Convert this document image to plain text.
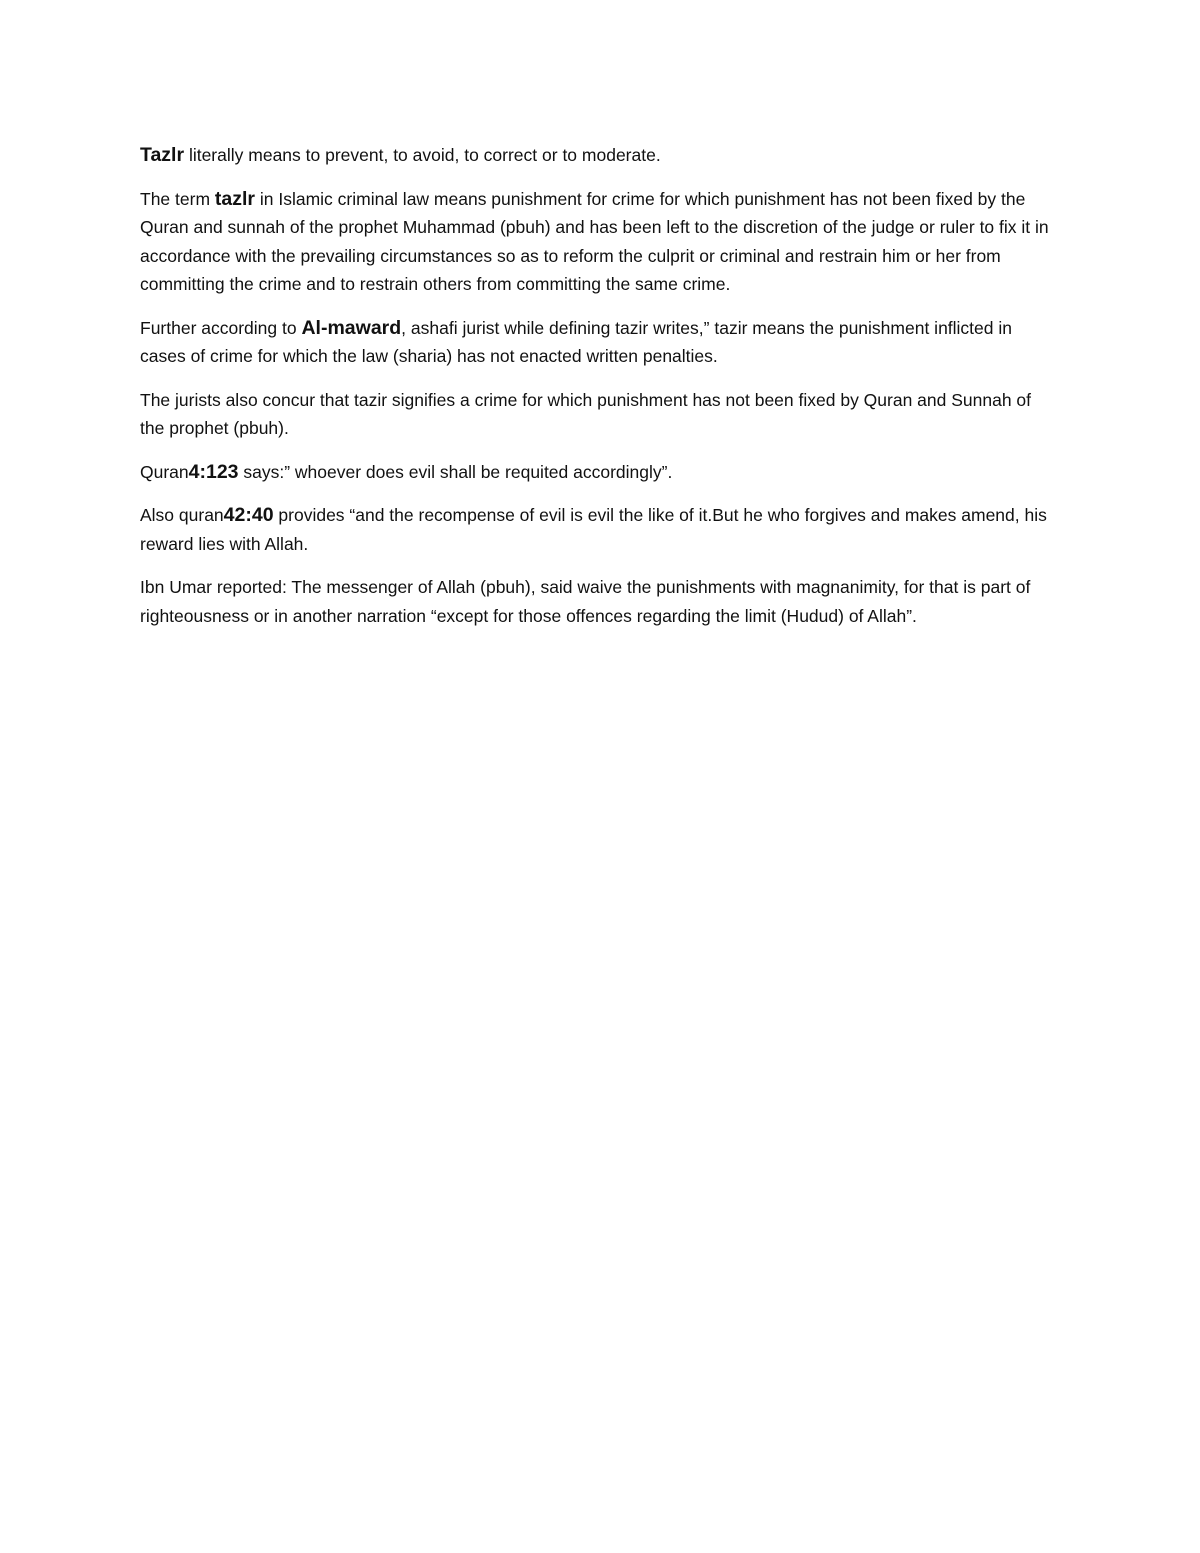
Tazlr literally means to prevent, to avoid, to correct or to moderate.

The term tazlr in Islamic criminal law means punishment for crime for which punishment has not been fixed by the Quran and sunnah of the prophet Muhammad (pbuh) and has been left to the discretion of the judge or ruler to fix it in accordance with the prevailing circumstances so as to reform the culprit or criminal and restrain him or her from committing the crime and to restrain others from committing the same crime.

Further according to Al-maward, ashafi jurist while defining tazir writes,” tazir means the punishment inflicted in cases of crime for which the law (sharia) has not enacted written penalties.

The jurists also concur that tazir signifies a crime for which punishment has not been fixed by Quran and Sunnah of the prophet (pbuh).

Quran4:123 says:” whoever does evil shall be requited accordingly”.

Also quran42:40 provides “and the recompense of evil is evil the like of it.But he who forgives and makes amend, his reward lies with Allah.

Ibn Umar reported: The messenger of Allah (pbuh), said waive the punishments with magnanimity, for that is part of righteousness or in another narration “except for those offences regarding the limit (Hudud) of Allah”.
